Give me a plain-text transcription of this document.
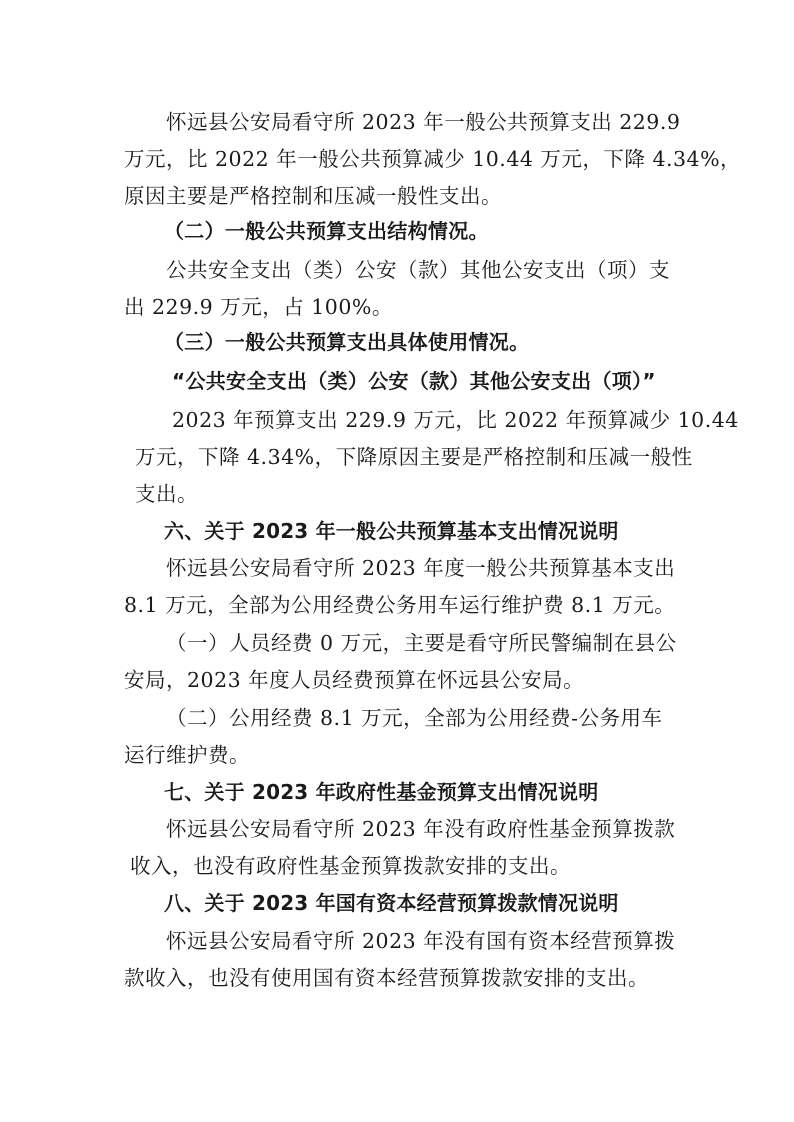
怀远县公安局看守所 2023 年一般公共预算支出 229.9

万元，比 2022 年一般公共预算减少 10.44 万元，下降 4.34%，

原因主要是严格控制和压减一般性支出。

（二）一般公共预算支出结构情况。

公共安全支出（类）公安（款）其他公安支出（项）支

出 229.9 万元，占 100%。

（三）一般公共预算支出具体使用情况。

“公共安全支出（类）公安（款）其他公安支出（项）”

2023 年预算支出 229.9 万元，比 2022 年预算减少 10.44

万元，下降 4.34%，下降原因主要是严格控制和压减一般性

支出。

六、关于 2023 年一般公共预算基本支出情况说明

怀远县公安局看守所 2023 年度一般公共预算基本支出

8.1 万元，全部为公用经费公务用车运行维护费 8.1 万元。

（一）人员经费 0 万元，主要是看守所民警编制在县公

安局，2023 年度人员经费预算在怀远县公安局。

（二）公用经费 8.1 万元，全部为公用经费-公务用车

运行维护费。

七、关于 2023 年政府性基金预算支出情况说明

怀远县公安局看守所 2023 年没有政府性基金预算拨款

收入，也没有政府性基金预算拨款安排的支出。

八、关于 2023 年国有资本经营预算拨款情况说明

怀远县公安局看守所 2023 年没有国有资本经营预算拨

款收入，也没有使用国有资本经营预算拨款安排的支出。
